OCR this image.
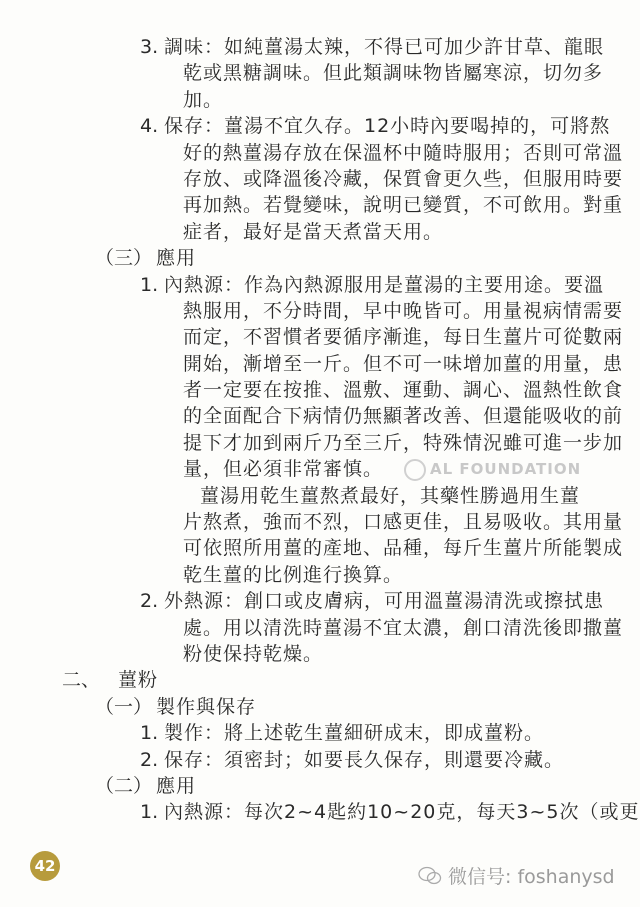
3. 調味：如純薑湯太辣，不得已可加少許甘草、龍眼
乾或黑糖調味。但此類調味物皆屬寒涼，切勿多
加。
4. 保存：薑湯不宜久存。12小時內要喝掉的，可將熬
好的熱薑湯存放在保溫杯中隨時服用；否則可常溫
存放、或降溫後冷藏，保質會更久些，但服用時要
再加熱。若覺變味，說明已變質，不可飲用。對重
症者，最好是當天煮當天用。
（三） 應用
1. 內熱源：作為內熱源服用是薑湯的主要用途。要溫
熱服用，不分時間，早中晚皆可。用量視病情需要
而定，不習慣者要循序漸進，每日生薑片可從數兩
開始，漸增至一斤。但不可一味增加薑的用量，患
者一定要在按推、溫敷、運動、調心、溫熱性飲食
的全面配合下病情仍無顯著改善、但還能吸收的前
提下才加到兩斤乃至三斤，特殊情況雖可進一步加
量，但必須非常審慎。
薑湯用乾生薑熬煮最好，其藥性勝過用生薑
片熬煮，強而不烈，口感更佳，且易吸收。其用量
可依照所用薑的產地、品種，每斤生薑片所能製成
乾生薑的比例進行換算。
2. 外熱源：創口或皮膚病，可用溫薑湯清洗或擦拭患
處。用以清洗時薑湯不宜太濃，創口清洗後即撒薑
粉使保持乾燥。
二、 薑粉
（一） 製作與保存
1. 製作：將上述乾生薑細研成末，即成薑粉。
2. 保存：須密封；如要長久保存，則還要冷藏。
（二） 應用
1. 內熱源：每次2~4匙約10~20克，每天3~5次（或更
AL FOUNDATION
42	微信号: foshanysd
